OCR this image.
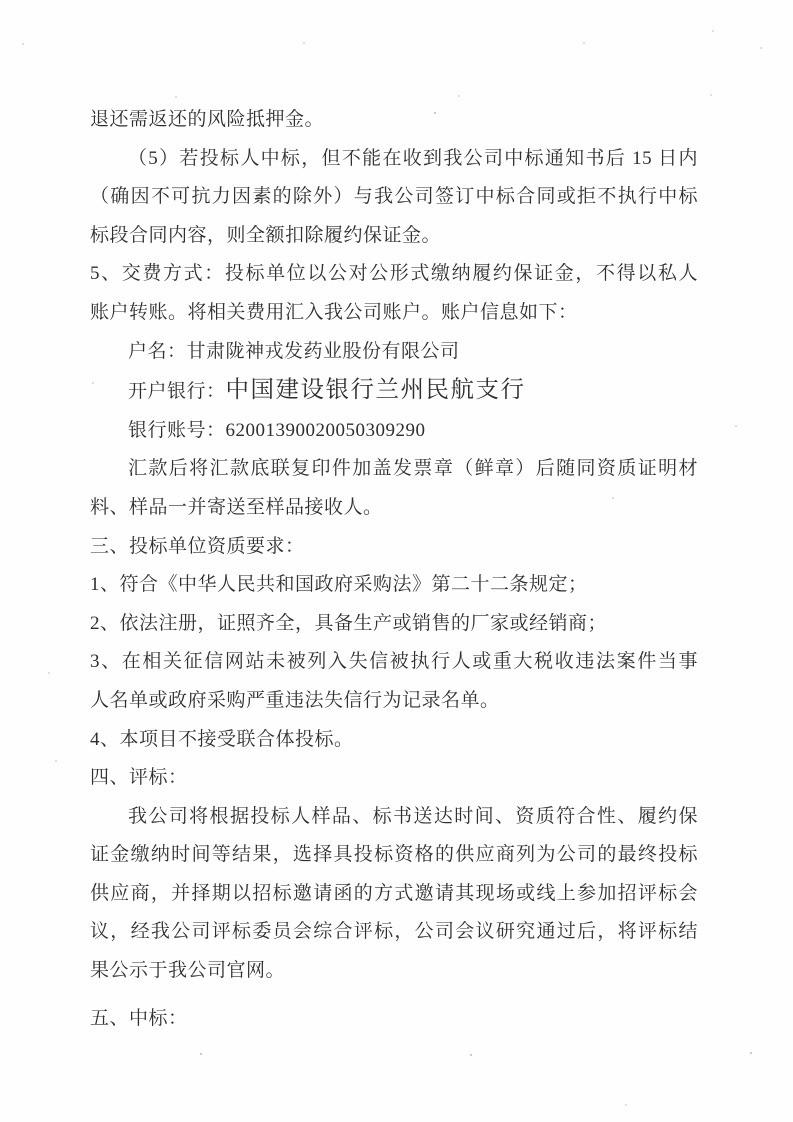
退还需返还的风险抵押金。
（5）若投标人中标，但不能在收到我公司中标通知书后 15 日内
（确因不可抗力因素的除外）与我公司签订中标合同或拒不执行中标
标段合同内容，则全额扣除履约保证金。
5、交费方式：投标单位以公对公形式缴纳履约保证金，不得以私人
账户转账。将相关费用汇入我公司账户。账户信息如下：
户名：甘肃陇神戎发药业股份有限公司
开户银行：中国建设银行兰州民航支行
银行账号：62001390020050309290
汇款后将汇款底联复印件加盖发票章（鲜章）后随同资质证明材
料、样品一并寄送至样品接收人。
三、投标单位资质要求：
1、符合《中华人民共和国政府采购法》第二十二条规定；
2、依法注册，证照齐全，具备生产或销售的厂家或经销商；
3、在相关征信网站未被列入失信被执行人或重大税收违法案件当事
人名单或政府采购严重违法失信行为记录名单。
4、本项目不接受联合体投标。
四、评标：
我公司将根据投标人样品、标书送达时间、资质符合性、履约保
证金缴纳时间等结果，选择具投标资格的供应商列为公司的最终投标
供应商，并择期以招标邀请函的方式邀请其现场或线上参加招评标会
议，经我公司评标委员会综合评标，公司会议研究通过后，将评标结
果公示于我公司官网。
五、中标：
